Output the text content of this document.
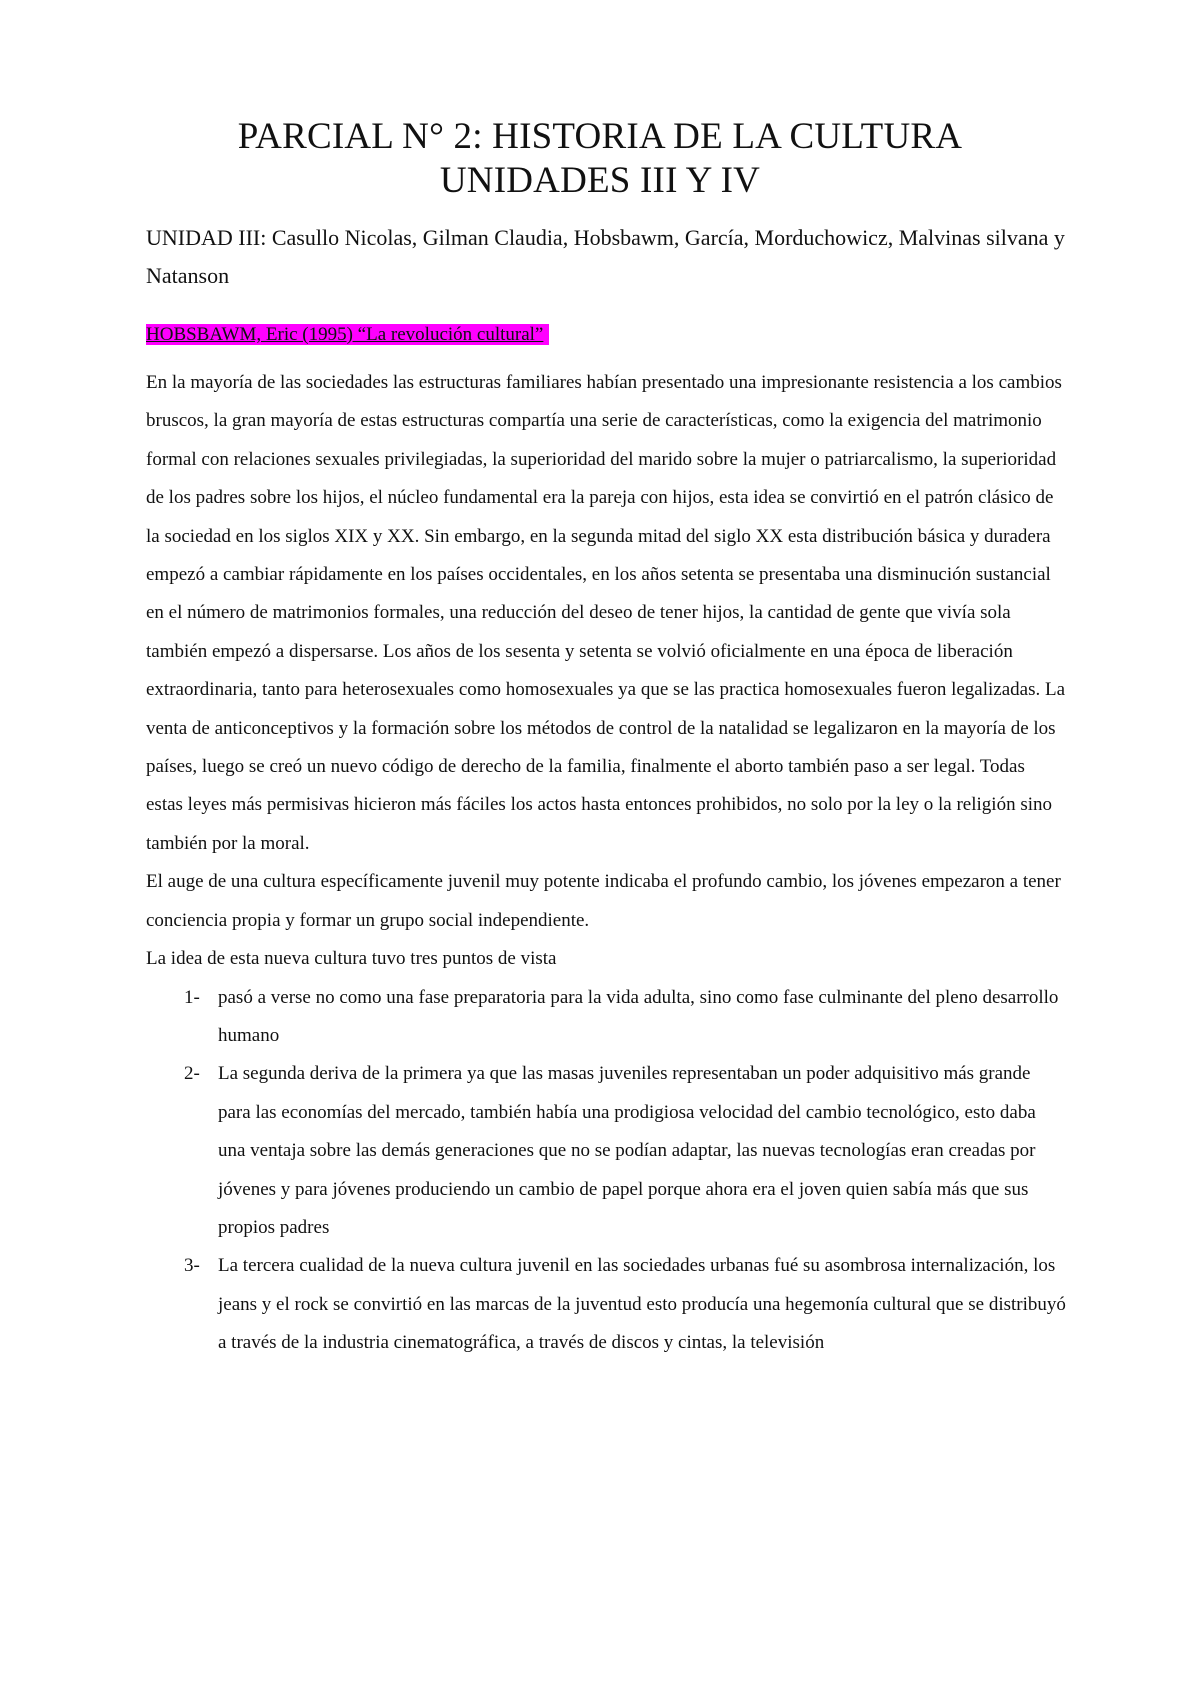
PARCIAL N° 2: HISTORIA DE LA CULTURA
UNIDADES III Y IV

UNIDAD III: Casullo Nicolas, Gilman Claudia, Hobsbawm, García, Morduchowicz, Malvinas silvana y Natanson

HOBSBAWM, Eric (1995) “La revolución cultural”

En la mayoría de las sociedades las estructuras familiares habían presentado una impresionante resistencia a los cambios bruscos, la gran mayoría de estas estructuras compartía una serie de características, como la exigencia del matrimonio formal con relaciones sexuales privilegiadas, la superioridad del marido sobre la mujer o patriarcalismo, la superioridad de los padres sobre los hijos, el núcleo fundamental era la pareja con hijos, esta idea se convirtió en el patrón clásico de la sociedad en los siglos XIX y XX. Sin embargo, en la segunda mitad del siglo XX esta distribución básica y duradera empezó a cambiar rápidamente en los países occidentales, en los años setenta se presentaba una disminución sustancial en el número de matrimonios formales, una reducción del deseo de tener hijos, la cantidad de gente que vivía sola también empezó a dispersarse. Los años de los sesenta y setenta se volvió oficialmente en una época de liberación extraordinaria, tanto para heterosexuales como homosexuales ya que se las practica homosexuales fueron legalizadas. La venta de anticonceptivos y la formación sobre los métodos de control de la natalidad se legalizaron en la mayoría de los países, luego se creó un nuevo código de derecho de la familia, finalmente el aborto también paso a ser legal. Todas estas leyes más permisivas hicieron más fáciles los actos hasta entonces prohibidos, no solo por la ley o la religión sino también por la moral.

El auge de una cultura específicamente juvenil muy potente indicaba el profundo cambio, los jóvenes empezaron a tener conciencia propia y formar un grupo social independiente.

La idea de esta nueva cultura tuvo tres puntos de vista

1- pasó a verse no como una fase preparatoria para la vida adulta, sino como fase culminante del pleno desarrollo humano
2- La segunda deriva de la primera ya que las masas juveniles representaban un poder adquisitivo más grande para las economías del mercado, también había una prodigiosa velocidad del cambio tecnológico, esto daba una ventaja sobre las demás generaciones que no se podían adaptar, las nuevas tecnologías eran creadas por jóvenes y para jóvenes produciendo un cambio de papel porque ahora era el joven quien sabía más que sus propios padres
3- La tercera cualidad de la nueva cultura juvenil en las sociedades urbanas fué su asombrosa internalización, los jeans y el rock se convirtió en las marcas de la juventud esto producía una hegemonía cultural que se distribuyó a través de la industria cinematográfica, a través de discos y cintas, la televisión
